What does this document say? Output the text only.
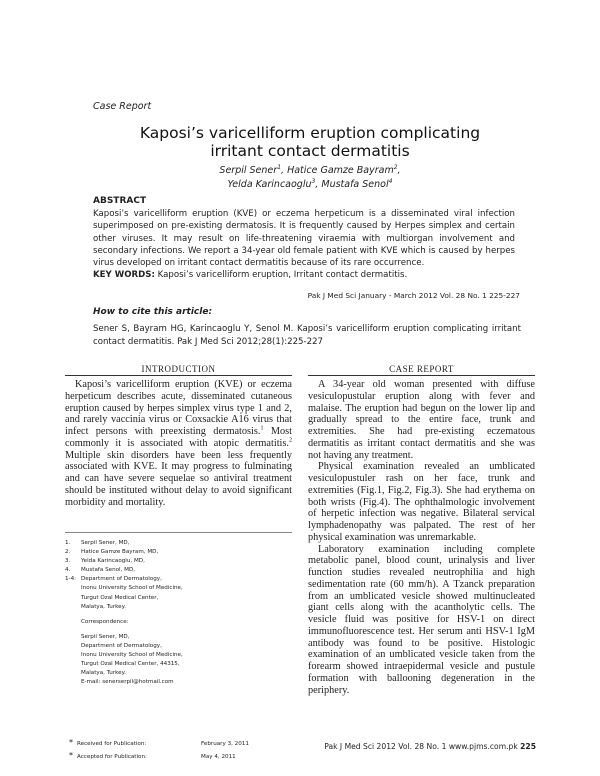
Case Report
Kaposi’s varicelliform eruption complicating
irritant contact dermatitis
Serpil Sener$^1$, Hatice Gamze Bayram$^2$,
Yelda Karincaoglu$^3$, Mustafa Senol$^4$
ABSTRACT
Kaposi’s varicelliform eruption (KVE) or eczema herpeticum is a disseminated viral infection superimposed on pre-existing dermatosis. It is frequently caused by Herpes simplex and certain other viruses. It may result on life-threatening viraemia with multiorgan involvement and secondary infections. We report a 34-year old female patient with KVE which is caused by herpes virus developed on irritant contact dermatitis because of its rare occurrence.
KEY WORDS: Kaposi’s varicelliform eruption, Irritant contact dermatitis.
Pak J Med Sci January - March 2012 Vol. 28 No. 1 225-227
How to cite this article:
Sener S, Bayram HG, Karincaoglu Y, Senol M. Kaposi’s varicelliform eruption complicating irritant contact dermatitis. Pak J Med Sci 2012;28(1):225-227
INTRODUCTION	CASE REPORT

Kaposi’s varicelliform eruption (KVE) or eczema herpeticum describes acute, disseminated cutaneous eruption caused by herpes simplex virus type 1 and 2, and rarely vaccinia virus or Coxsackie A16 virus that infect persons with preexisting dermatosis.$^1$ Most commonly it is associated with atopic dermatitis.$^2$ Multiple skin disorders have been less frequently associated with KVE. It may progress to fulminating and can have severe sequelae so antiviral treatment should be instituted without delay to avoid significant morbidity and mortality.

1. Serpil Sener, MD,
2. Hatice Gamze Bayram, MD,
3. Yelda Karincaoglu, MD,
4. Mustafa Senol, MD,
1-4: Department of Dermatology,
Inonu University School of Medicine,
Turgut Ozal Medical Center,
Malatya, Turkey.
Correspondence:
Serpil Sener, MD,
Department of Dermatology,
Inonu University School of Medicine,
Turgut Ozal Medical Center, 44315,
Malatya, Turkey.
E-mail: senerserpil@hotmail.com
* Received for Publication:	February 3, 2011
* Accepted for Publication:	May 4, 2011

A 34-year old woman presented with diffuse vesiculopustular eruption along with fever and malaise. The eruption had begun on the lower lip and gradually spread to the entire face, trunk and extremities. She had pre-existing eczematous dermatitis as irritant contact dermatitis and she was not having any treatment.

Physical examination revealed an umblicated vesiculopustuler rash on her face, trunk and extremities (Fig.1, Fig.2, Fig.3). She had erythema on both wrists (Fig.4). The ophthalmologic involvement of herpetic infection was negative. Bilateral servical lymphadenopathy was palpated. The rest of her physical examination was unremarkable.

Laboratory examination including complete metabolic panel, blood count, urinalysis and liver function studies revealed neutrophilia and high sedimentation rate (60 mm/h). A Tzanck preparation from an umblicated vesicle showed multinucleated giant cells along with the acantholytic cells. The vesicle fluid was positive for HSV-1 on direct immunofluorescence test. Her serum anti HSV-1 IgM antibody was found to be positive. Histologic examination of an umblicated vesicle taken from the forearm showed intraepidermal vesicle and pustule formation with ballooning degeneration in the periphery.

Pak J Med Sci 2012 Vol. 28 No. 1 www.pjms.com.pk 225
